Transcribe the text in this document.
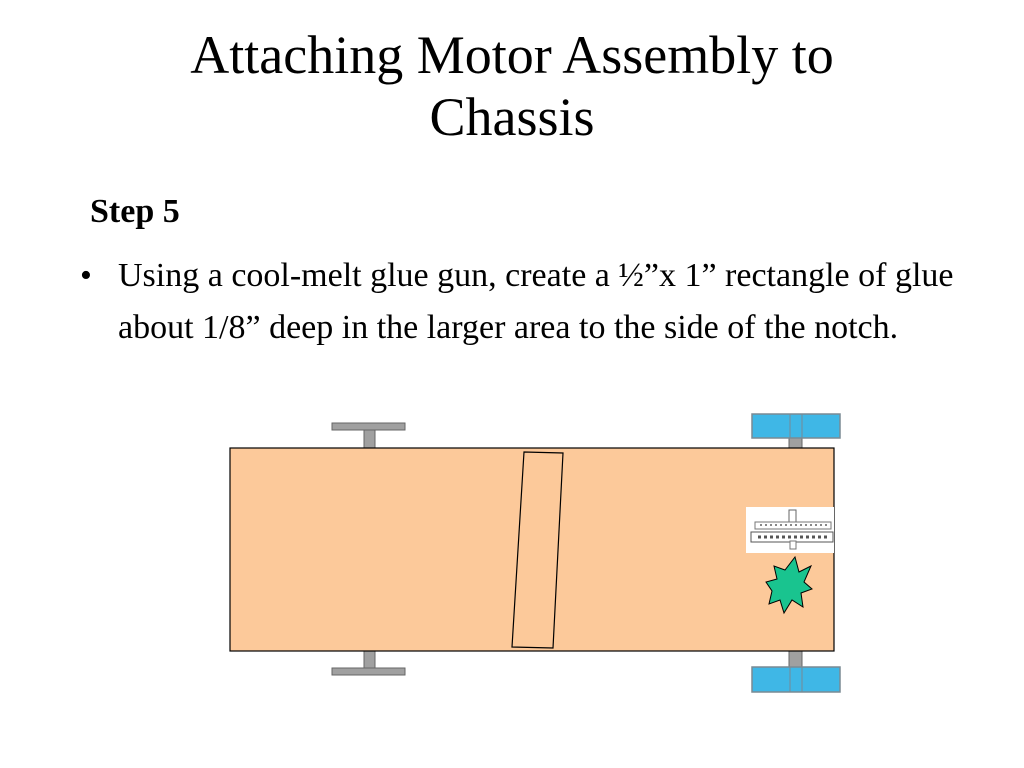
Attaching Motor Assembly to
Chassis
Step 5
• Using a cool-melt glue gun, create a ½”x 1” rectangle of glue about 1/8” deep in the larger area to the side of the notch.
